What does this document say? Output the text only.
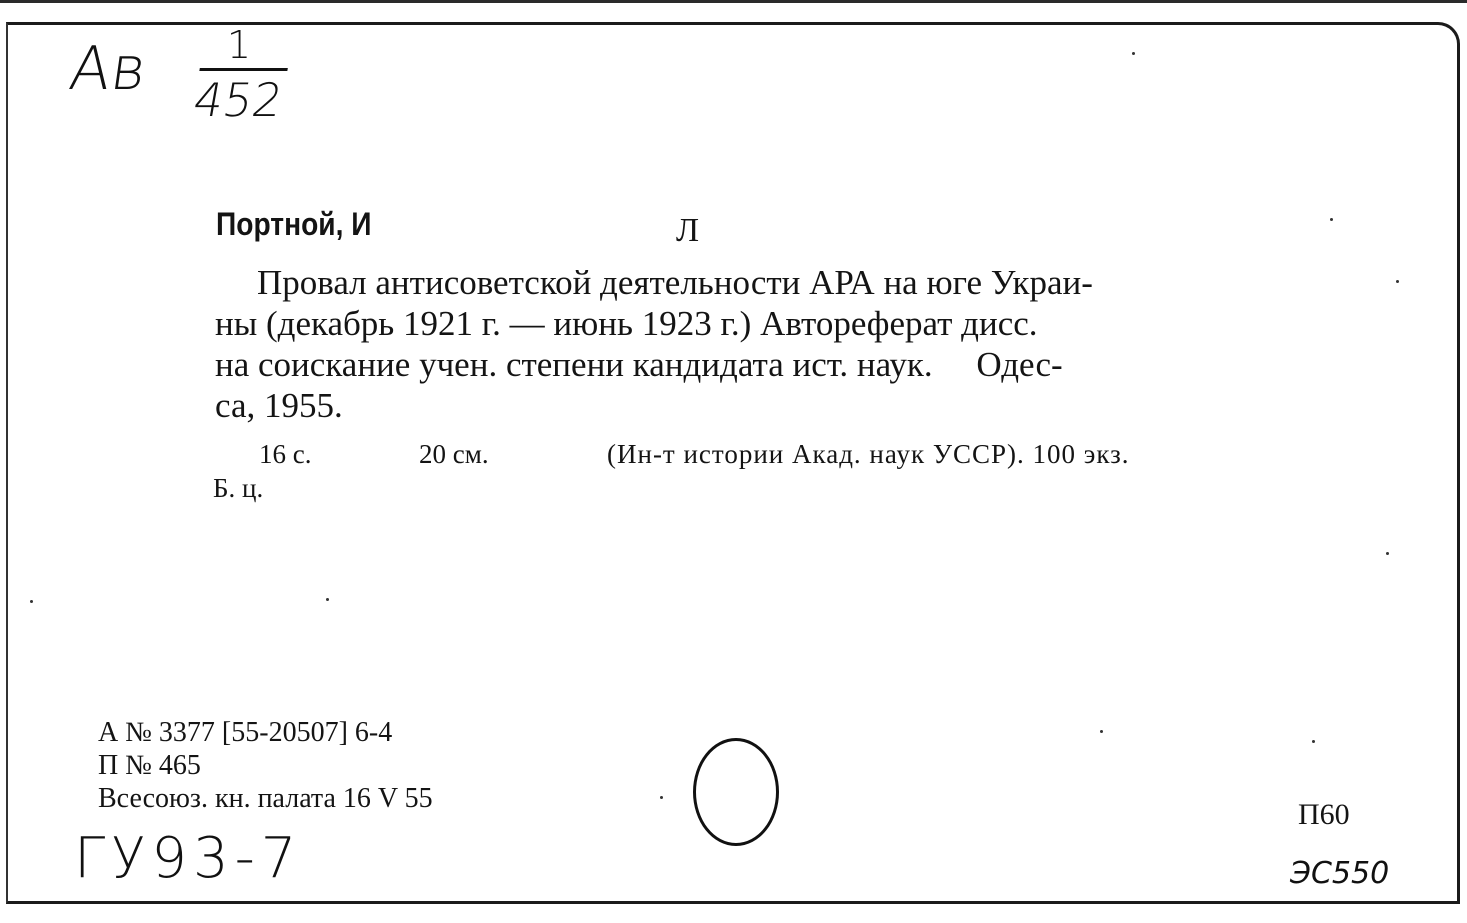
Ав	1
452
Портной, И	Л
Провал антисоветской деятельности АРА на юге Украи-
ны (декабрь 1921 г. — июнь 1923 г.) Автореферат дисс.
на соискание учен. степени кандидата ист. наук.     Одес-
са, 1955.
16 с.	20 см.	(Ин-т истории Акад. наук УССР). 100 экз.
Б. ц.
А № 3377 [55-20507] 6-4
П № 465
Всесоюз. кн. палата 16 V 55	П60
ГУ93-7	ЭС550
